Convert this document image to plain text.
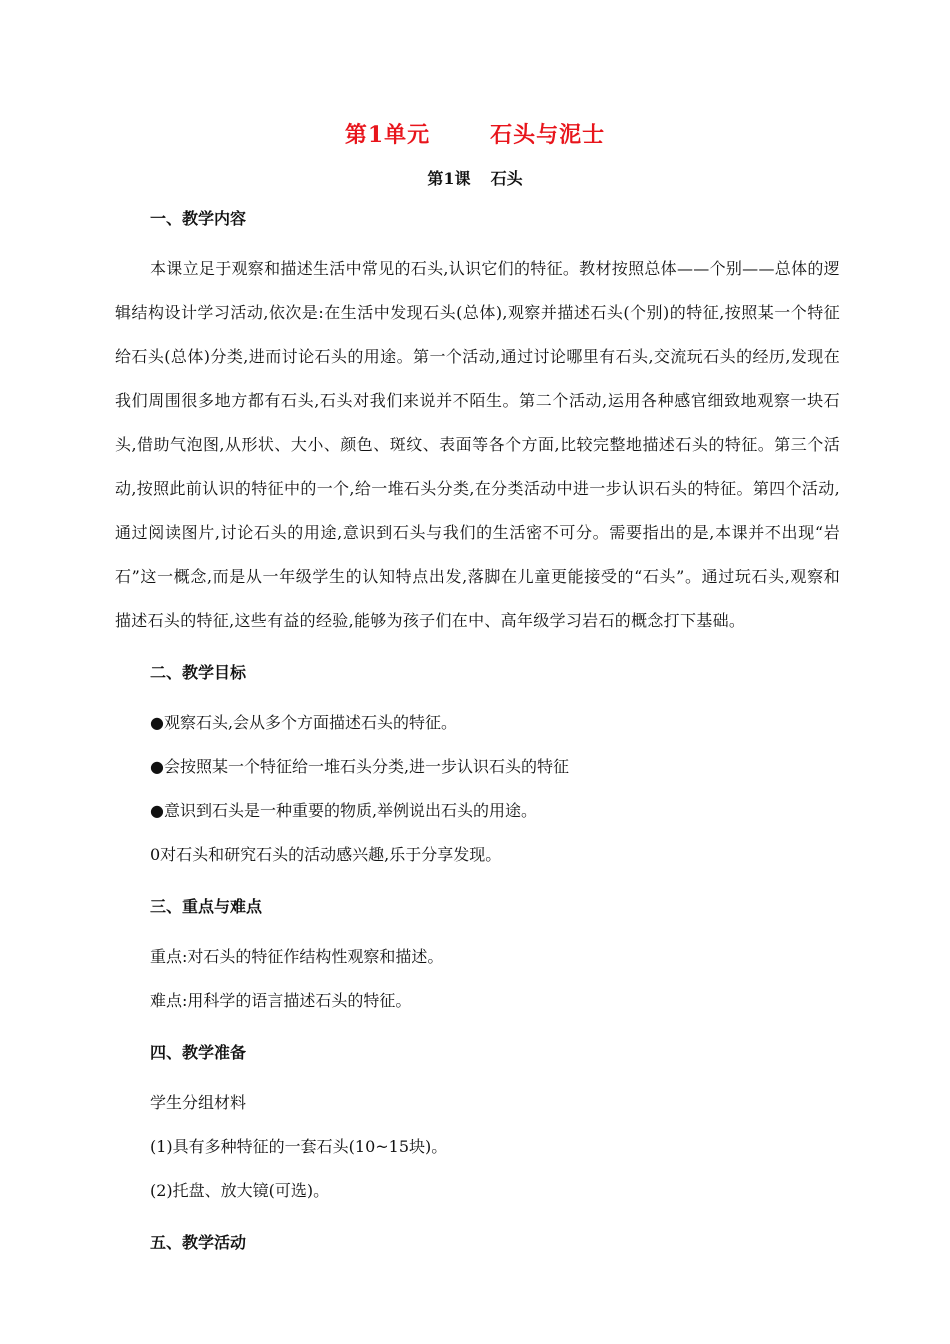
第1单元	石头与泥士
第1课 石头
一、教学内容

本课立足于观察和描述生活中常见的石头,认识它们的特征。教材按照总体——个别——总体的逻辑结构设计学习活动,依次是:在生活中发现石头(总体),观察并描述石头(个别)的特征,按照某一个特征给石头(总体)分类,进而讨论石头的用途。第一个活动,通过讨论哪里有石头,交流玩石头的经历,发现在我们周围很多地方都有石头,石头对我们来说并不陌生。第二个活动,运用各种感官细致地观察一块石头,借助气泡图,从形状、大小、颜色、斑纹、表面等各个方面,比较完整地描述石头的特征。第三个活动,按照此前认识的特征中的一个,给一堆石头分类,在分类活动中进一步认识石头的特征。第四个活动,通过阅读图片,讨论石头的用途,意识到石头与我们的生活密不可分。需要指出的是,本课并不出现“岩石”这一概念,而是从一年级学生的认知特点出发,落脚在儿童更能接受的“石头”。通过玩石头,观察和描述石头的特征,这些有益的经验,能够为孩子们在中、高年级学习岩石的概念打下基础。

二、教学目标

●观察石头,会从多个方面描述石头的特征。

●会按照某一个特征给一堆石头分类,进一步认识石头的特征

●意识到石头是一种重要的物质,举例说出石头的用途。

0对石头和研究石头的活动感兴趣,乐于分享发现。

三、重点与难点

重点:对石头的特征作结构性观察和描述。

难点:用科学的语言描述石头的特征。

四、教学准备

学生分组材料

(1)具有多种特征的一套石头(10~15块)。

(2)托盘、放大镜(可选)。

五、教学活动
